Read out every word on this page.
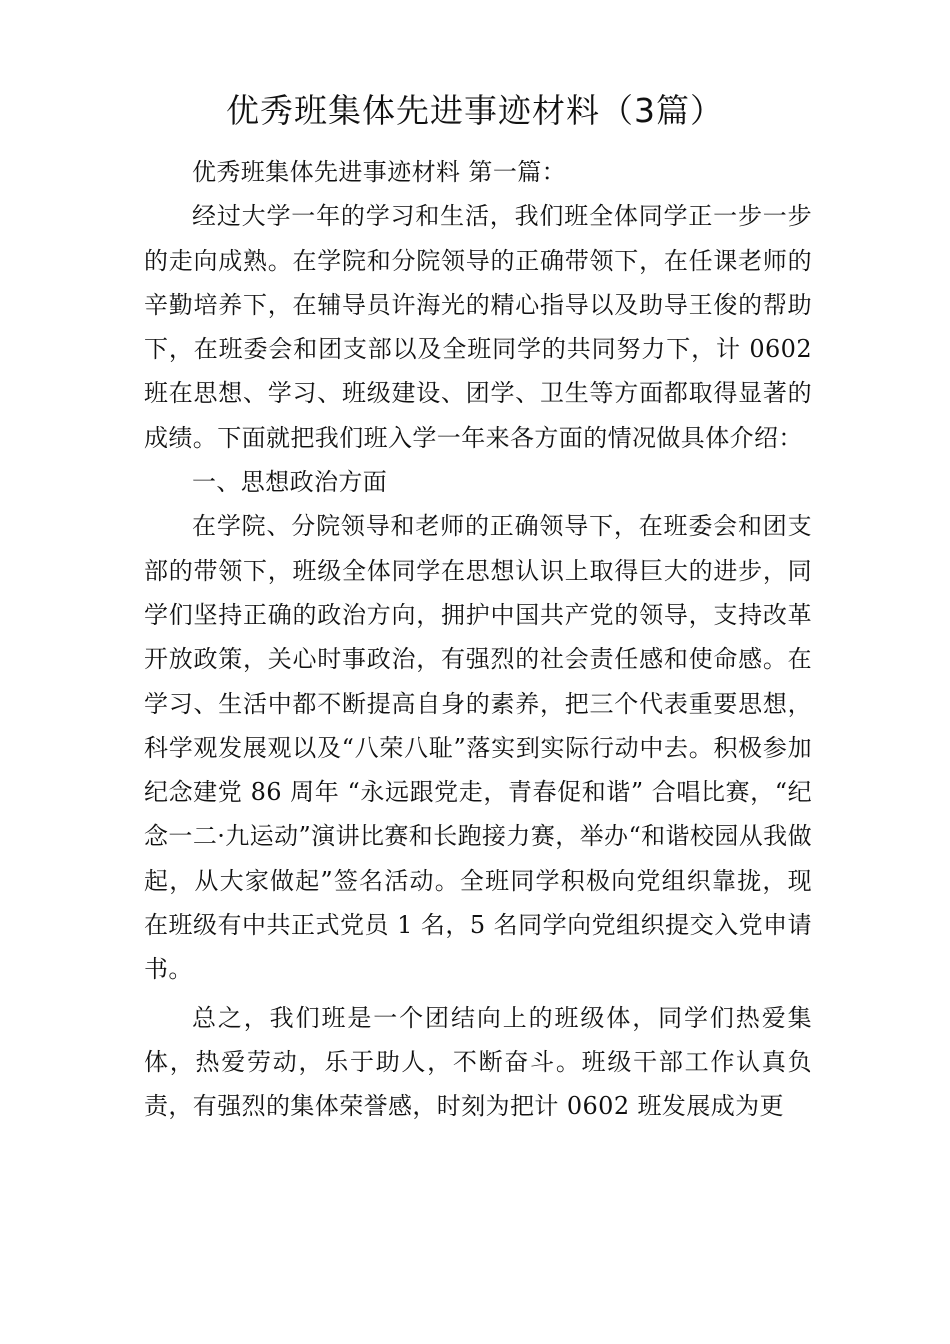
优秀班集体先进事迹材料（3篇）

优秀班集体先进事迹材料 第一篇：

经过大学一年的学习和生活，我们班全体同学正一步一步的走向成熟。在学院和分院领导的正确带领下，在任课老师的辛勤培养下，在辅导员许海光的精心指导以及助导王俊的帮助下，在班委会和团支部以及全班同学的共同努力下，计 0602 班在思想、学习、班级建设、团学、卫生等方面都取得显著的成绩。下面就把我们班入学一年来各方面的情况做具体介绍：

一、思想政治方面

在学院、分院领导和老师的正确领导下，在班委会和团支部的带领下，班级全体同学在思想认识上取得巨大的进步，同学们坚持正确的政治方向，拥护中国共产党的领导，支持改革开放政策，关心时事政治，有强烈的社会责任感和使命感。在学习、生活中都不断提高自身的素养，把三个代表重要思想，科学观发展观以及“八荣八耻”落实到实际行动中去。积极参加纪念建党 86 周年 “永远跟党走，青春促和谐” 合唱比赛，“纪念一二·九运动”演讲比赛和长跑接力赛，举办“和谐校园从我做起，从大家做起”签名活动。全班同学积极向党组织靠拢，现在班级有中共正式党员 1 名，5 名同学向党组织提交入党申请书。

总之，我们班是一个团结向上的班级体，同学们热爱集体，热爱劳动，乐于助人，不断奋斗。班级干部工作认真负责，有强烈的集体荣誉感，时刻为把计 0602 班发展成为更
